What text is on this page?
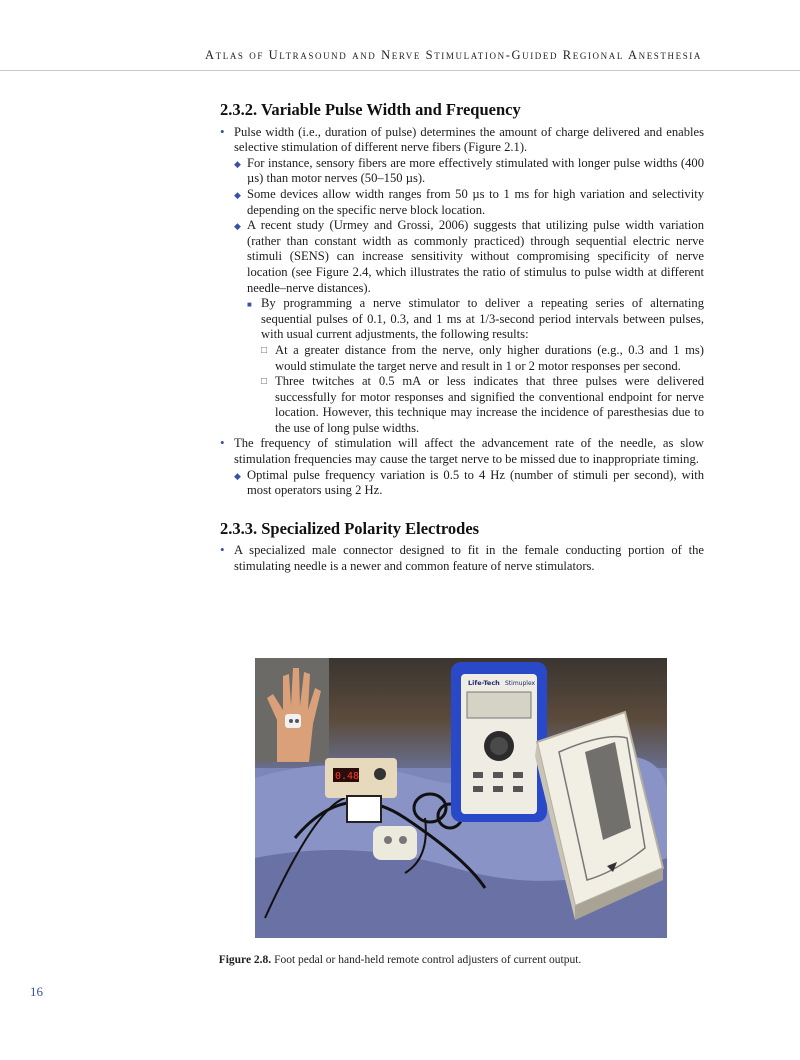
Atlas of Ultrasound and Nerve Stimulation-Guided Regional Anesthesia
2.3.2. Variable Pulse Width and Frequency
• Pulse width (i.e., duration of pulse) determines the amount of charge delivered and enables selective stimulation of different nerve fibers (Figure 2.1).
◆ For instance, sensory fibers are more effectively stimulated with longer pulse widths (400 µs) than motor nerves (50–150 µs).
◆ Some devices allow width ranges from 50 µs to 1 ms for high variation and selectivity depending on the specific nerve block location.
◆ A recent study (Urmey and Grossi, 2006) suggests that utilizing pulse width variation (rather than constant width as commonly practiced) through sequential electric nerve stimuli (SENS) can increase sensitivity without compromising specificity of nerve location (see Figure 2.4, which illustrates the ratio of stimulus to pulse width at different needle–nerve distances).
■ By programming a nerve stimulator to deliver a repeating series of alternating sequential pulses of 0.1, 0.3, and 1 ms at 1/3-second period intervals between pulses, with usual current adjustments, the following results:
□ At a greater distance from the nerve, only higher durations (e.g., 0.3 and 1 ms) would stimulate the target nerve and result in 1 or 2 motor responses per second.
□ Three twitches at 0.5 mA or less indicates that three pulses were delivered successfully for motor responses and signified the conventional endpoint for nerve location. However, this technique may increase the incidence of paresthesias due to the use of long pulse widths.
• The frequency of stimulation will affect the advancement rate of the needle, as slow stimulation frequencies may cause the target nerve to be missed due to inappropriate timing.
◆ Optimal pulse frequency variation is 0.5 to 4 Hz (number of stimuli per second), with most operators using 2 Hz.
2.3.3. Specialized Polarity Electrodes
• A specialized male connector designed to fit in the female conducting portion of the stimulating needle is a newer and common feature of nerve stimulators.
0.48
Life-Tech Stimuplex
Figure 2.8. Foot pedal or hand-held remote control adjusters of current output.
16
